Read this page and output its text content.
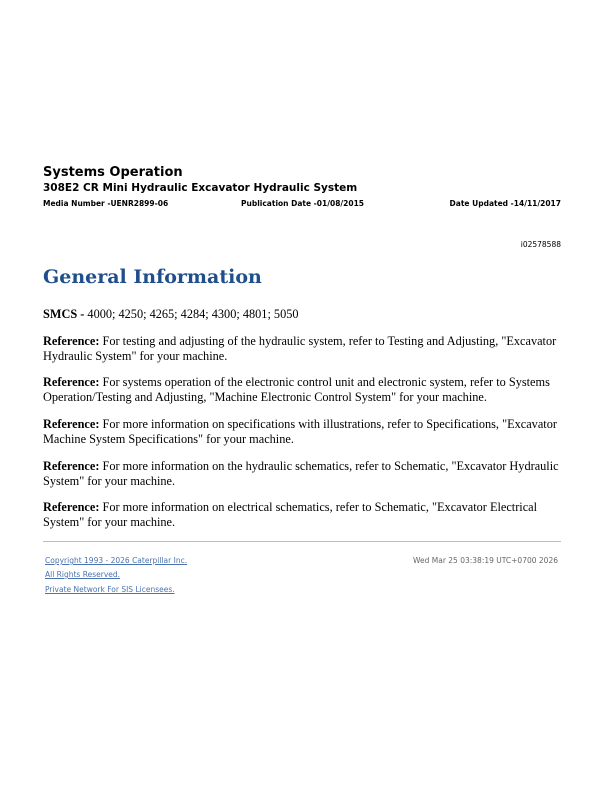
Systems Operation
308E2 CR Mini Hydraulic Excavator Hydraulic System
Media Number -UENR2899-06	Publication Date -01/08/2015	Date Updated -14/11/2017
i02578588
General Information

SMCS - 4000; 4250; 4265; 4284; 4300; 4801; 5050

Reference: For testing and adjusting of the hydraulic system, refer to Testing and Adjusting, "Excavator Hydraulic System" for your machine.

Reference: For systems operation of the electronic control unit and electronic system, refer to Systems Operation/Testing and Adjusting, "Machine Electronic Control System" for your machine.

Reference: For more information on specifications with illustrations, refer to Specifications, "Excavator Machine System Specifications" for your machine.

Reference: For more information on the hydraulic schematics, refer to Schematic, "Excavator Hydraulic System" for your machine.

Reference: For more information on electrical schematics, refer to Schematic, "Excavator Electrical System" for your machine.

Copyright 1993 - 2026 Caterpillar Inc.
All Rights Reserved.
Private Network For SIS Licensees.
Wed Mar 25 03:38:19 UTC+0700 2026
